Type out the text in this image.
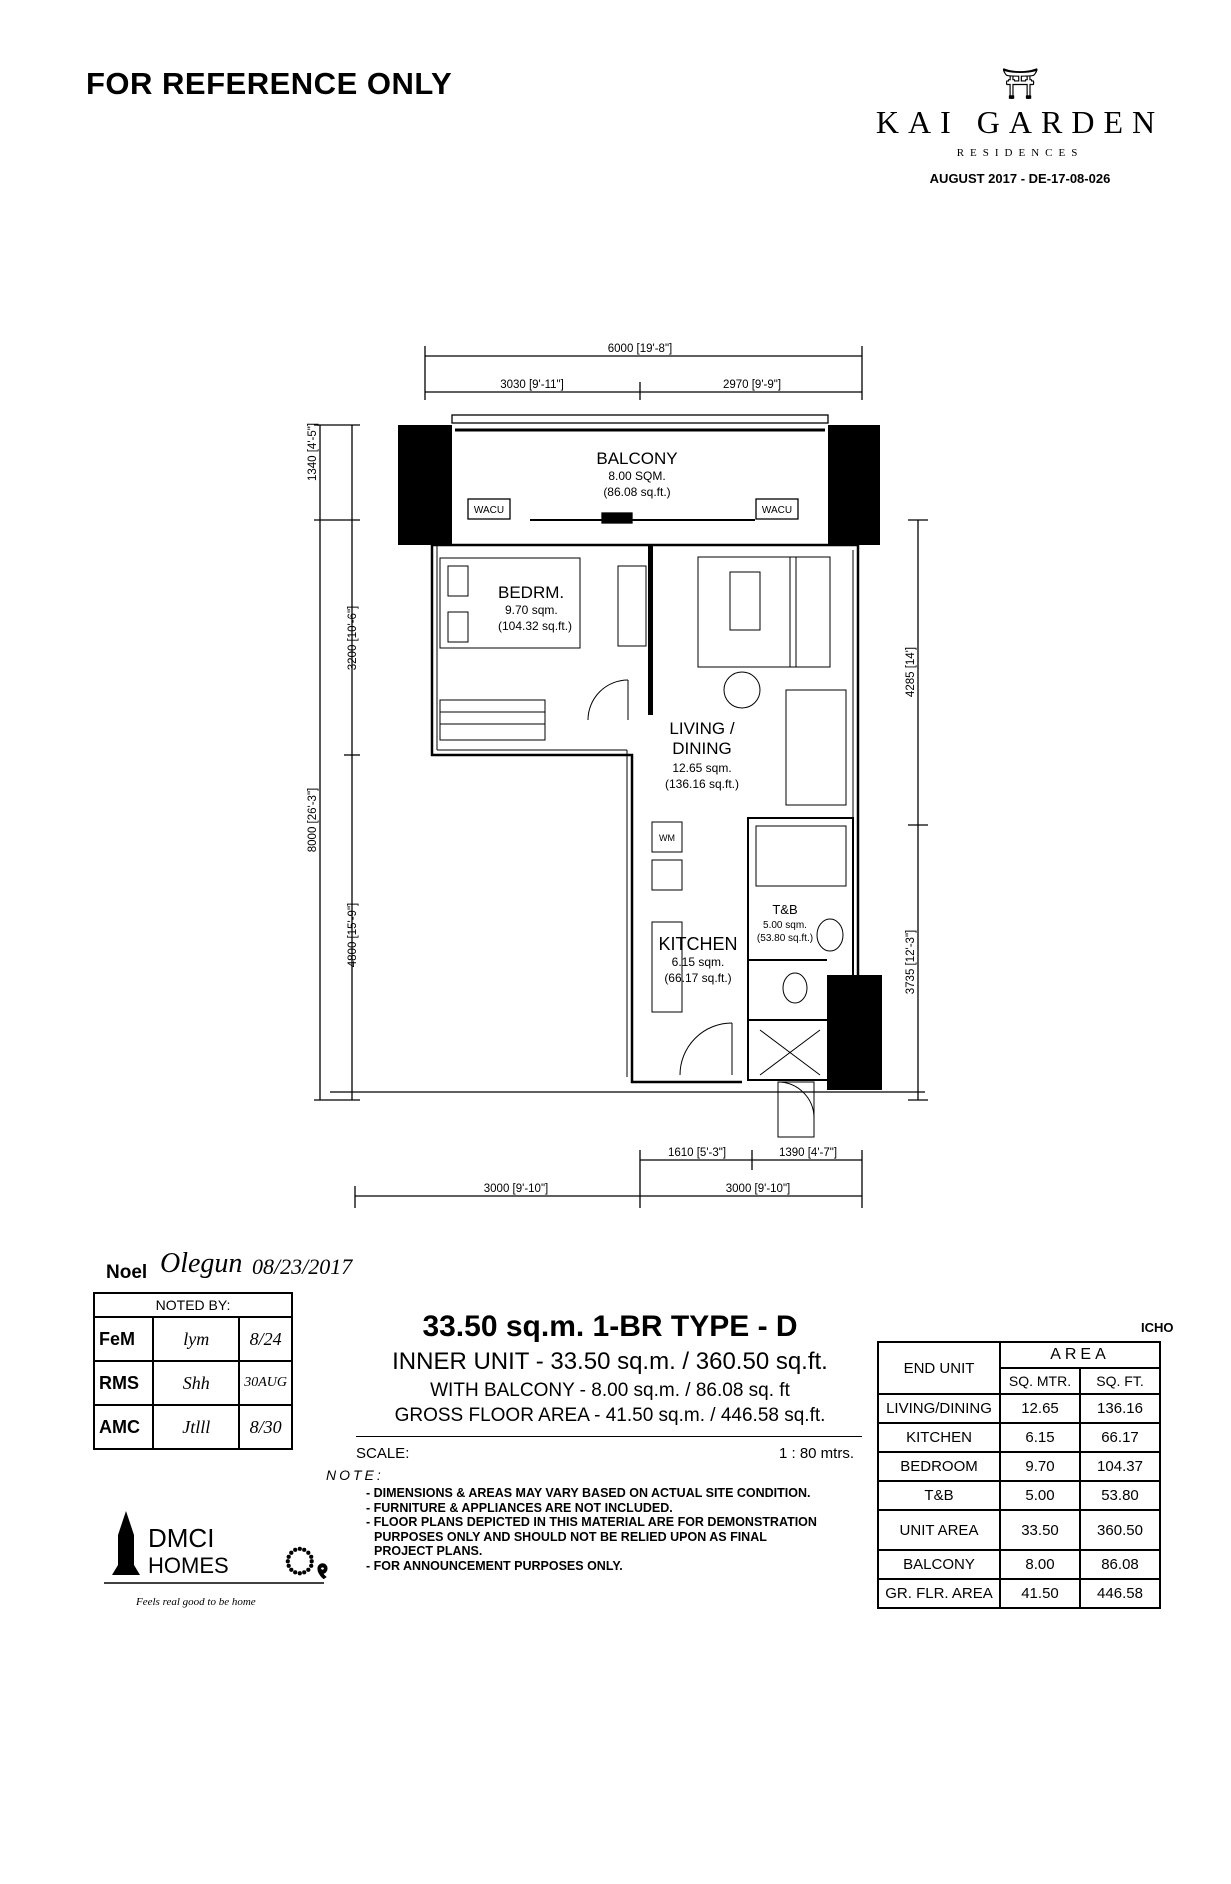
FOR REFERENCE ONLY	⛩
KAI GARDEN
RESIDENCES
AUGUST 2017 - DE-17-08-026
6000 [19'-8"]
3030 [9'-11"]	2970 [9'-9"]
1340 [4'-5"]
3200 [10'-6"]
8000 [26'-3"]
4800 [15'-9"]
4285 [14']
3735 [12'-3"]
3000 [9'-10"]	3000 [9'-10"]
1610 [5'-3"]	1390 [4'-7"]
BALCONY
8.00 SQM.
(86.08 sq.ft.)
BEDRM.
9.70 sqm.
(104.32 sq.ft.)
LIVING /
DINING
12.65 sqm.
(136.16 sq.ft.)
KITCHEN
6.15 sqm.
(66.17 sq.ft.)
T&B
5.00 sqm.
(53.80 sq.ft.)
WACU	WACU
WM
Noel Olegun 08/23/2017
NOTED BY:		
FeM	lym	8/24
RMS	Shh	30AUG
AMC	Jtlll	8/30
DMCI
HOMES ꩻ
Feels real good to be home
33.50 sq.m. 1-BR TYPE - D
INNER UNIT - 33.50 sq.m. / 360.50 sq.ft.
WITH BALCONY - 8.00 sq.m. / 86.08 sq. ft
GROSS FLOOR AREA - 41.50 sq.m. / 446.58 sq.ft.
SCALE:	1 : 80 mtrs.
NOTE:
- DIMENSIONS & AREAS MAY VARY BASED ON ACTUAL SITE CONDITION.
- FURNITURE & APPLIANCES ARE NOT INCLUDED.
- FLOOR PLANS DEPICTED IN THIS MATERIAL ARE FOR DEMONSTRATION
PURPOSES ONLY AND SHOULD NOT BE RELIED UPON AS FINAL
PROJECT PLANS.
- FOR ANNOUNCEMENT PURPOSES ONLY.
ICHO
END UNIT	AREA	
	SQ. MTR.	SQ. FT.
LIVING/DINING	12.65	136.16
KITCHEN	6.15	66.17
BEDROOM	9.70	104.37
T&B	5.00	53.80
UNIT AREA	33.50	360.50
BALCONY	8.00	86.08
GR. FLR. AREA	41.50	446.58
